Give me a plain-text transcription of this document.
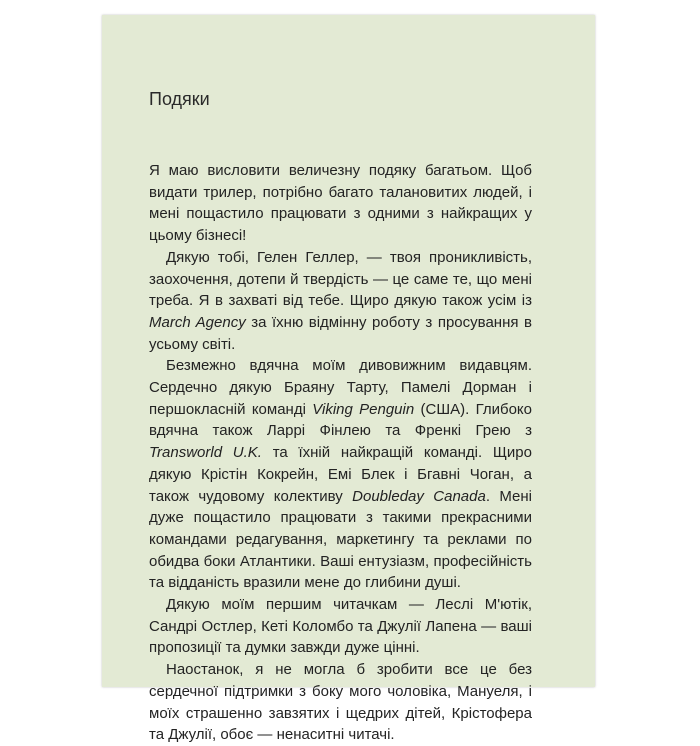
Подяки

Я маю висловити величезну подяку багатьом. Щоб видати трилер, потрібно багато талановитих людей, і мені пощастило працювати з одними з найкращих у цьому бізнесі!

Дякую тобі, Гелен Геллер, — твоя проникливість, заохочення, дотепи й твердість — це саме те, що мені треба. Я в захваті від тебе. Щиро дякую також усім із March Agency за їхню відмінну роботу з просування в усьому світі.

Безмежно вдячна моїм дивовижним видавцям. Сердечно дякую Браяну Тарту, Памелі Дорман і першокласній команді Viking Penguin (США). Глибоко вдячна також Ларрі Фінлею та Френкі Грею з Transworld U.K. та їхній найкращій команді. Щиро дякую Крістін Кокрейн, Емі Блек і Бгавні Чоган, а також чудовому колективу Doubleday Canada. Мені дуже пощастило працювати з такими прекрасними командами редагування, маркетингу та реклами по обидва боки Атлантики. Ваші ентузіазм, професійність та відданість вразили мене до глибини душі.

Дякую моїм першим читачкам — Леслі М'ютік, Сандрі Остлер, Кеті Коломбо та Джулії Лапена — ваші пропозиції та думки завжди дуже цінні.

Наостанок, я не могла б зробити все це без сердечної підтримки з боку мого чоловіка, Мануеля, і моїх страшенно завзятих і щедрих дітей, Крістофера та Джулії, обоє — ненаситні читачі.
